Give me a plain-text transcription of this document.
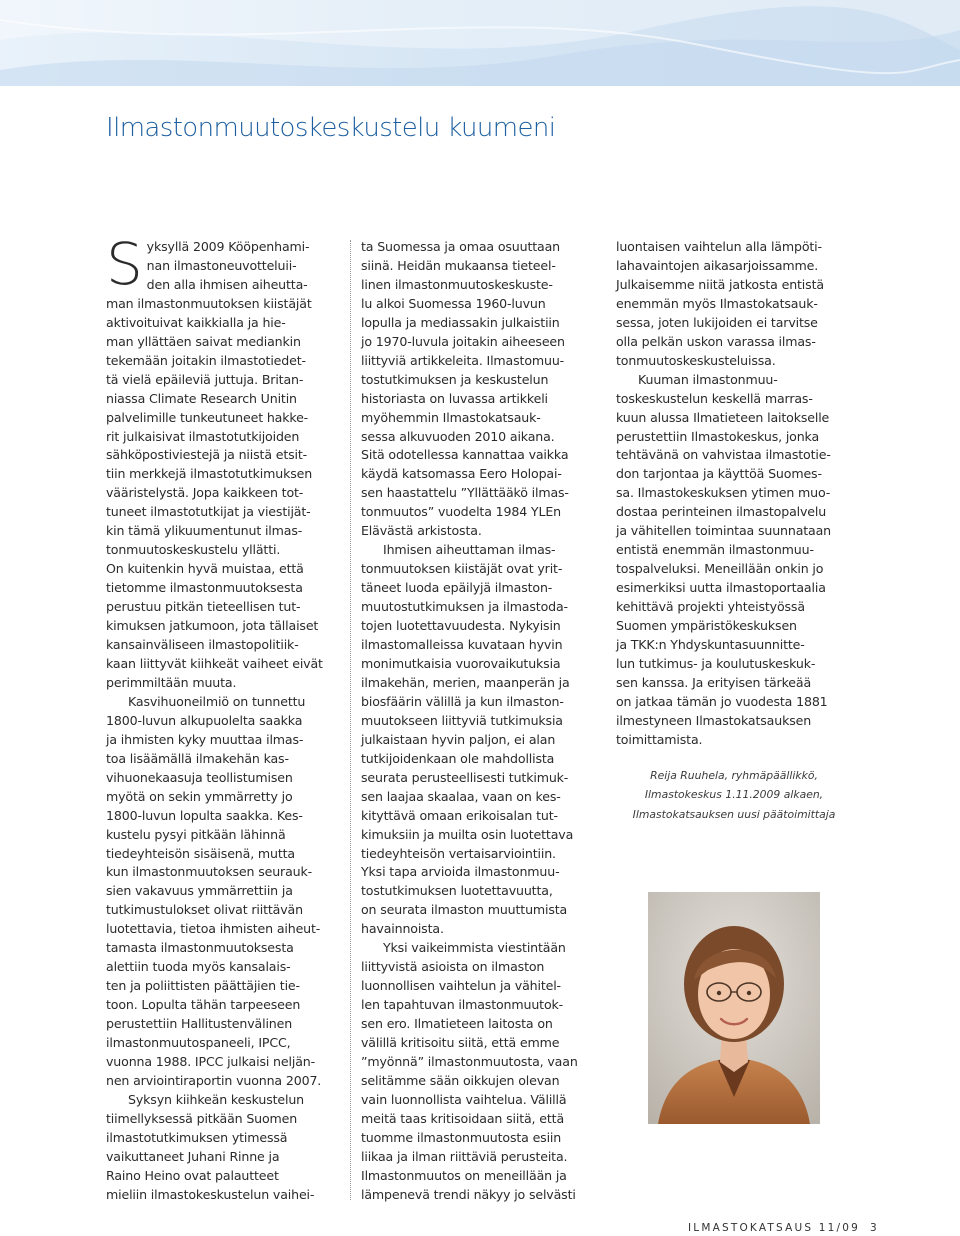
Ilmastonmuutoskeskustelu kuumeni
S yksyllä 2009 Kööpenhami-
nan ilmastoneuvotteluii-
den alla ihmisen aiheutta-
man ilmastonmuutoksen kiistäjät
aktivoituivat kaikkialla ja hie-
man yllättäen saivat mediankin
tekemään joitakin ilmastotiedet-
tä vielä epäileviä juttuja. Britan-
niassa Climate Research Unitin
palvelimille tunkeutuneet hakke-
rit julkaisivat ilmastotutkijoiden
sähköpostiviestejä ja niistä etsit-
tiin merkkejä ilmastotutkimuksen
vääristelystä. Jopa kaikkeen tot-
tuneet ilmastotutkijat ja viestijät-
kin tämä ylikuumentunut ilmas-
tonmuutoskeskustelu yllätti.
On kuitenkin hyvä muistaa, että
tietomme ilmastonmuutoksesta
perustuu pitkän tieteellisen tut-
kimuksen jatkumoon, jota tällaiset
kansainväliseen ilmastopolitiik-
kaan liittyvät kiihkeät vaiheet eivät
perimmiltään muuta.
Kasvihuoneilmiö on tunnettu
1800-luvun alkupuolelta saakka
ja ihmisten kyky muuttaa ilmas-
toa lisäämällä ilmakehän kas-
vihuonekaasuja teollistumisen
myötä on sekin ymmärretty jo
1800-luvun lopulta saakka. Kes-
kustelu pysyi pitkään lähinnä
tiedeyhteisön sisäisenä, mutta
kun ilmastonmuutoksen seurauk-
sien vakavuus ymmärrettiin ja
tutkimustulokset olivat riittävän
luotettavia, tietoa ihmisten aiheut-
tamasta ilmastonmuutoksesta
alettiin tuoda myös kansalais-
ten ja poliittisten päättäjien tie-
toon. Lopulta tähän tarpeeseen
perustettiin Hallitustenvälinen
ilmastonmuutospaneeli, IPCC,
vuonna 1988. IPCC julkaisi neljän-
nen arviointiraportin vuonna 2007.
Syksyn kiihkeän keskustelun
tiimellyksessä pitkään Suomen
ilmastotutkimuksen ytimessä
vaikuttaneet Juhani Rinne ja
Raino Heino ovat palautteet
mieliin ilmastokeskustelun vaihei-
ta Suomessa ja omaa osuuttaan
siinä. Heidän mukaansa tieteel-
linen ilmastonmuutoskeskuste-
lu alkoi Suomessa 1960-luvun
lopulla ja mediassakin julkaistiin
jo 1970-luvula joitakin aiheeseen
liittyviä artikkeleita. Ilmastomuu-
tostutkimuksen ja keskustelun
historiasta on luvassa artikkeli
myöhemmin Ilmastokatsauk-
sessa alkuvuoden 2010 aikana.
Sitä odotellessa kannattaa vaikka
käydä katsomassa Eero Holopai-
sen haastattelu ”Yllättääkö ilmas-
tonmuutos” vuodelta 1984 YLEn
Elävästä arkistosta.
Ihmisen aiheuttaman ilmas-
tonmuutoksen kiistäjät ovat yrit-
täneet luoda epäilyjä ilmaston-
muutostutkimuksen ja ilmastoda-
tojen luotettavuudesta. Nykyisin
ilmastomalleissa kuvataan hyvin
monimutkaisia vuorovaikutuksia
ilmakehän, merien, maanperän ja
biosfäärin välillä ja kun ilmaston-
muutokseen liittyviä tutkimuksia
julkaistaan hyvin paljon, ei alan
tutkijoidenkaan ole mahdollista
seurata perusteellisesti tutkimuk-
sen laajaa skaalaa, vaan on kes-
kityttävä omaan erikoisalan tut-
kimuksiin ja muilta osin luotettava
tiedeyhteisön vertaisarviointiin.
Yksi tapa arvioida ilmastonmuu-
tostutkimuksen luotettavuutta,
on seurata ilmaston muuttumista
havainnoista.
Yksi vaikeimmista viestintään
liittyvistä asioista on ilmaston
luonnollisen vaihtelun ja vähitel-
len tapahtuvan ilmastonmuutok-
sen ero. Ilmatieteen laitosta on
välillä kritisoitu siitä, että emme
”myönnä” ilmastonmuutosta, vaan
selitämme sään oikkujen olevan
vain luonnollista vaihtelua. Välillä
meitä taas kritisoidaan siitä, että
tuomme ilmastonmuutosta esiin
liikaa ja ilman riittäviä perusteita.
Ilmastonmuutos on meneillään ja
lämpenevä trendi näkyy jo selvästi
luontaisen vaihtelun alla lämpöti-
lahavaintojen aikasarjoissamme.
Julkaisemme niitä jatkosta entistä
enemmän myös Ilmastokatsauk-
sessa, joten lukijoiden ei tarvitse
olla pelkän uskon varassa ilmas-
tonmuutoskeskusteluissa.
Kuuman ilmastonmuu-
toskeskustelun keskellä marras-
kuun alussa Ilmatieteen laitokselle
perustettiin Ilmastokeskus, jonka
tehtävänä on vahvistaa ilmastotie-
don tarjontaa ja käyttöä Suomes-
sa. Ilmastokeskuksen ytimen muo-
dostaa perinteinen ilmastopalvelu
ja vähitellen toimintaa suunnataan
entistä enemmän ilmastonmuu-
tospalveluksi. Meneillään onkin jo
esimerkiksi uutta ilmastoportaalia
kehittävä projekti yhteistyössä
Suomen ympäristökeskuksen
ja TKK:n Yhdyskuntasuunnitte-
lun tutkimus- ja koulutuskeskuk-
sen kanssa. Ja erityisen tärkeää
on jatkaa tämän jo vuodesta 1881
ilmestyneen Ilmastokatsauksen
toimittamista.
Reija Ruuhela, ryhmäpäällikkö,
Ilmastokeskus 1.11.2009 alkaen,
Ilmastokatsauksen uusi päätoimittaja
ILMASTOKATSAUS 11/09 3
